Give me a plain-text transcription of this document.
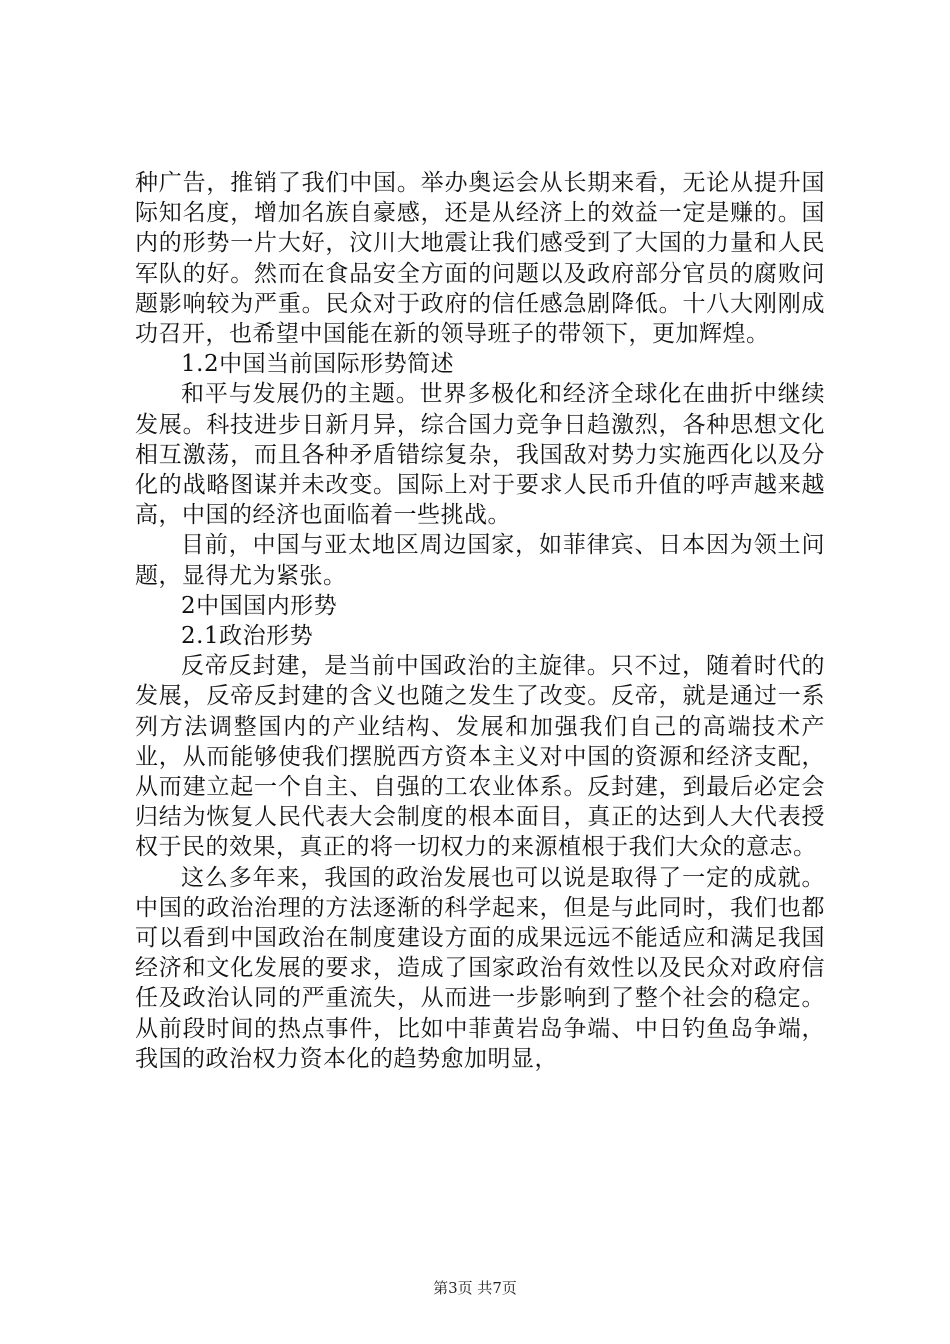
种广告，推销了我们中国。举办奥运会从长期来看，无论从提升国际知名度，增加名族自豪感，还是从经济上的效益一定是赚的。国内的形势一片大好，汶川大地震让我们感受到了大国的力量和人民军队的好。然而在食品安全方面的问题以及政府部分官员的腐败问题影响较为严重。民众对于政府的信任感急剧降低。十八大刚刚成功召开，也希望中国能在新的领导班子的带领下，更加辉煌。

1.2中国当前国际形势简述

和平与发展仍的主题。世界多极化和经济全球化在曲折中继续发展。科技进步日新月异，综合国力竞争日趋激烈，各种思想文化相互激荡，而且各种矛盾错综复杂，我国敌对势力实施西化以及分化的战略图谋并未改变。国际上对于要求人民币升值的呼声越来越高，中国的经济也面临着一些挑战。

目前，中国与亚太地区周边国家，如菲律宾、日本因为领土问题，显得尤为紧张。

2中国国内形势

2.1政治形势

反帝反封建，是当前中国政治的主旋律。只不过，随着时代的发展，反帝反封建的含义也随之发生了改变。反帝，就是通过一系列方法调整国内的产业结构、发展和加强我们自己的高端技术产业，从而能够使我们摆脱西方资本主义对中国的资源和经济支配，从而建立起一个自主、自强的工农业体系。反封建，到最后必定会归结为恢复人民代表大会制度的根本面目，真正的达到人大代表授权于民的效果，真正的将一切权力的来源植根于我们大众的意志。

这么多年来，我国的政治发展也可以说是取得了一定的成就。中国的政治治理的方法逐渐的科学起来，但是与此同时，我们也都可以看到中国政治在制度建设方面的成果远远不能适应和满足我国经济和文化发展的要求，造成了国家政治有效性以及民众对政府信任及政治认同的严重流失，从而进一步影响到了整个社会的稳定。从前段时间的热点事件，比如中菲黄岩岛争端、中日钓鱼岛争端，我国的政治权力资本化的趋势愈加明显，

第3页 共7页
